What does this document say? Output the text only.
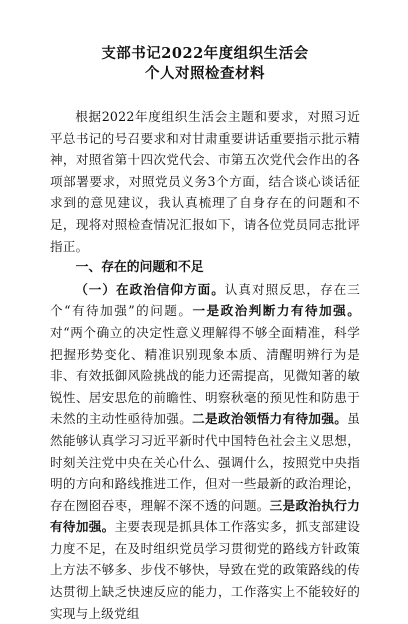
支部书记2022年度组织生活会
个人对照检查材料

根据2022年度组织生活会主题和要求，对照习近平总书记的号召要求和对甘肃重要讲话重要指示批示精神，对照省第十四次党代会、市第五次党代会作出的各项部署要求，对照党员义务3个方面，结合谈心谈话征求到的意见建议，我认真梳理了自身存在的问题和不足，现将对照检查情况汇报如下，请各位党员同志批评指正。

一、存在的问题和不足

（一）在政治信仰方面。认真对照反思，存在三个“有待加强”的问题。一是政治判断力有待加强。对“两个确立的决定性意义理解得不够全面精准，科学把握形势变化、精准识别现象本质、清醒明辨行为是非、有效抵御风险挑战的能力还需提高，见微知著的敏锐性、居安思危的前瞻性、明察秋毫的预见性和防患于未然的主动性亟待加强。二是政治领悟力有待加强。虽然能够认真学习习近平新时代中国特色社会主义思想，时刻关注党中央在关心什么、强调什么，按照党中央指明的方向和路线推进工作，但对一些最新的政治理论，存在囫囵吞枣，理解不深不透的问题。三是政治执行力有待加强。主要表现是抓具体工作落实多，抓支部建设力度不足，在及时组织党员学习贯彻党的路线方针政策上方法不够多、步伐不够快，导致在党的政策路线的传达贯彻上缺乏快速反应的能力，工作落实上不能较好的实现与上级党组
